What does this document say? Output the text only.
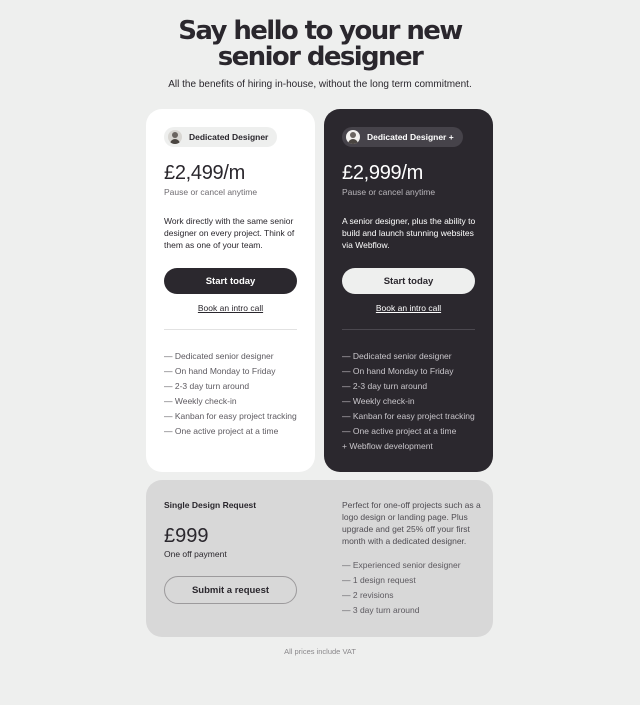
Say hello to your new
senior designer

All the benefits of hiring in-house, without the long term commitment.

Dedicated Designer
£2,499/m
Pause or cancel anytime

Work directly with the same senior designer on every project. Think of them as one of your team.

Start today
Book an intro call
— Dedicated senior designer
— On hand Monday to Friday
— 2-3 day turn around
— Weekly check-in
— Kanban for easy project tracking
— One active project at a time
Dedicated Designer +
£2,999/m
Pause or cancel anytime

A senior designer, plus the ability to build and launch stunning websites via Webflow.

Start today
Book an intro call
— Dedicated senior designer
— On hand Monday to Friday
— 2-3 day turn around
— Weekly check-in
— Kanban for easy project tracking
— One active project at a time
+ Webflow development
Single Design Request
£999
One off payment
Submit a request

Perfect for one-off projects such as a logo design or landing page. Plus upgrade and get 25% off your first month with a dedicated designer.

— Experienced senior designer
— 1 design request
— 2 revisions
— 3 day turn around
All prices include VAT
